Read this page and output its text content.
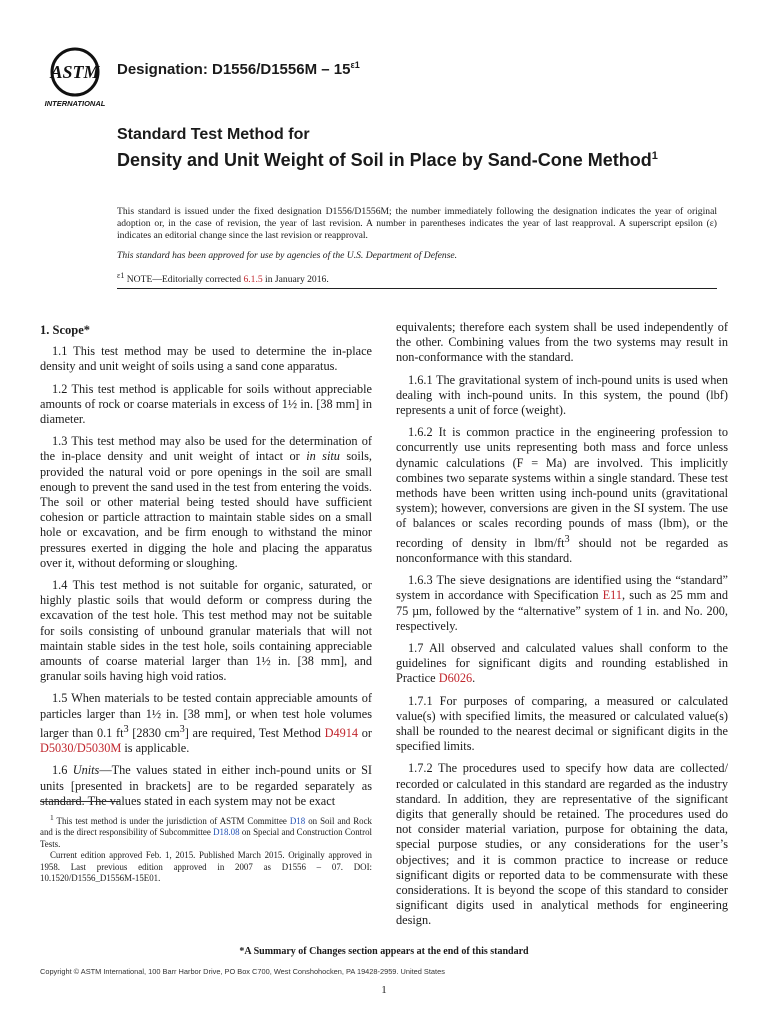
ASTM
INTERNATIONAL
Designation: $D1556/D1556M - 15^{\varepsilon 1}$

Standard Test Method for

Density and Unit Weight of Soil in Place by Sand-Cone Method$^1$

This standard is issued under the fixed designation D1556/D1556M; the number immediately following the designation indicates the year of original adoption or, in the case of revision, the year of last revision. A number in parentheses indicates the year of last reapproval. A superscript epsilon (ε) indicates an editorial change since the last revision or reapproval.
This standard has been approved for use by agencies of the U.S. Department of Defense.
$^{\varepsilon 1}$ NOTE—Editorially corrected 6.1.5 in January 2016.
1. Scope*

1.1 This test method may be used to determine the in-place density and unit weight of soils using a sand cone apparatus.

1.2 This test method is applicable for soils without appreciable amounts of rock or coarse materials in excess of 1½ in. [38 mm] in diameter.

1.3 This test method may also be used for the determination of the in-place density and unit weight of intact or in situ soils, provided the natural void or pore openings in the soil are small enough to prevent the sand used in the test from entering the voids. The soil or other material being tested should have sufficient cohesion or particle attraction to maintain stable sides on a small hole or excavation, and be firm enough to withstand the minor pressures exerted in digging the hole and placing the apparatus over it, without deforming or sloughing.

1.4 This test method is not suitable for organic, saturated, or highly plastic soils that would deform or compress during the excavation of the test hole. This test method may not be suitable for soils consisting of unbound granular materials that will not maintain stable sides in the test hole, soils containing appreciable amounts of coarse material larger than 1½ in. [38 mm], and granular soils having high void ratios.

1.5 When materials to be tested contain appreciable amounts of particles larger than 1½ in. [38 mm], or when test hole volumes larger than 0.1 $ft^3$ [2830 $cm^3$] are required, Test Method D4914 or D5030/D5030M is applicable.

1.6 Units—The values stated in either inch-pound units or SI units [presented in brackets] are to be regarded separately as standard. The values stated in each system may not be exact

equivalents; therefore each system shall be used independently of the other. Combining values from the two systems may result in non-conformance with the standard.

1.6.1 The gravitational system of inch-pound units is used when dealing with inch-pound units. In this system, the pound (lbf) represents a unit of force (weight).

1.6.2 It is common practice in the engineering profession to concurrently use units representing both mass and force unless dynamic calculations (F = Ma) are involved. This implicitly combines two separate systems within a single standard. These test methods have been written using inch-pound units (gravitational system); however, conversions are given in the SI system. The use of balances or scales recording pounds of mass (lbm), or the recording of density in lbm/$ft^3$ should not be regarded as nonconformance with this standard.

1.6.3 The sieve designations are identified using the “standard” system in accordance with Specification E11, such as 25 mm and 75 µm, followed by the “alternative” system of 1 in. and No. 200, respectively.

1.7 All observed and calculated values shall conform to the guidelines for significant digits and rounding established in Practice D6026.

1.7.1 For purposes of comparing, a measured or calculated value(s) with specified limits, the measured or calculated value(s) shall be rounded to the nearest decimal or significant digits in the specified limits.

1.7.2 The procedures used to specify how data are collected/ recorded or calculated in this standard are regarded as the industry standard. In addition, they are representative of the significant digits that generally should be retained. The procedures used do not consider material variation, purpose for obtaining the data, special purpose studies, or any considerations for the user’s objectives; and it is common practice to increase or reduce significant digits or reported data to be commensurate with these considerations. It is beyond the scope of this standard to consider significant digits used in analytical methods for engineering design.

$^1$ This test method is under the jurisdiction of ASTM Committee D18 on Soil and Rock and is the direct responsibility of Subcommittee D18.08 on Special and Construction Control Tests.

Current edition approved Feb. 1, 2015. Published March 2015. Originally approved in 1958. Last previous edition approved in 2007 as D1556 – 07. DOI: 10.1520/D1556_D1556M-15E01.

*A Summary of Changes section appears at the end of this standard
Copyright © ASTM International, 100 Barr Harbor Drive, PO Box C700, West Conshohocken, PA 19428-2959. United States
1
